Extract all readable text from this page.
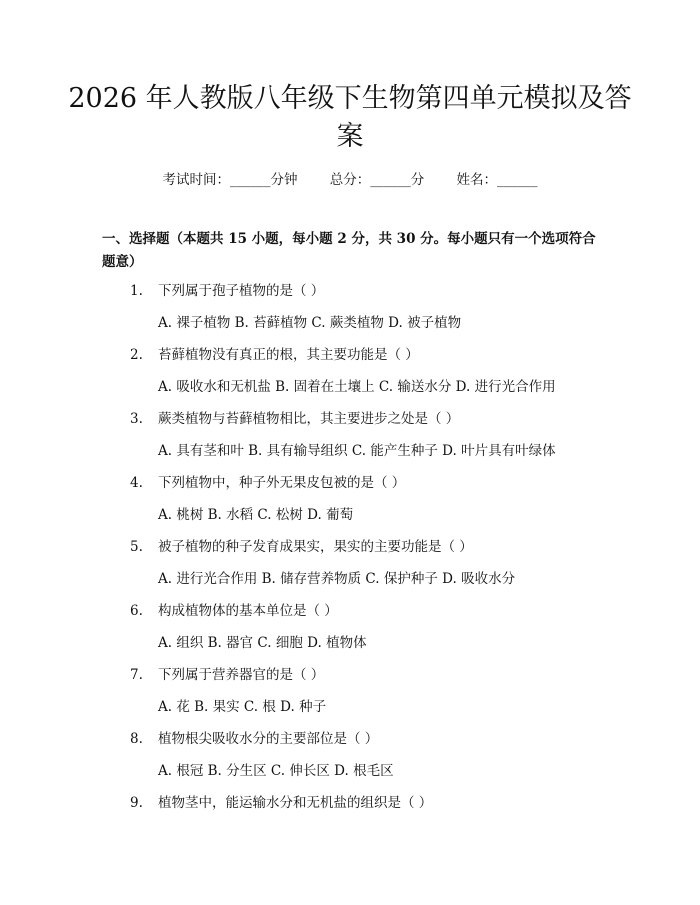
2026 年人教版八年级下生物第四单元模拟及答案
考试时间：______分钟 总分：______分 姓名：______

一、选择题（本题共 15 小题，每小题 2 分，共 30 分。每小题只有一个选项符合题意）

1. 下列属于孢子植物的是（ ）
A. 裸子植物 B. 苔藓植物 C. 蕨类植物 D. 被子植物
2. 苔藓植物没有真正的根，其主要功能是（ ）
A. 吸收水和无机盐 B. 固着在土壤上 C. 输送水分 D. 进行光合作用
3. 蕨类植物与苔藓植物相比，其主要进步之处是（ ）
A. 具有茎和叶 B. 具有输导组织 C. 能产生种子 D. 叶片具有叶绿体
4. 下列植物中，种子外无果皮包被的是（ ）
A. 桃树 B. 水稻 C. 松树 D. 葡萄
5. 被子植物的种子发育成果实，果实的主要功能是（ ）
A. 进行光合作用 B. 储存营养物质 C. 保护种子 D. 吸收水分
6. 构成植物体的基本单位是（ ）
A. 组织 B. 器官 C. 细胞 D. 植物体
7. 下列属于营养器官的是（ ）
A. 花 B. 果实 C. 根 D. 种子
8. 植物根尖吸收水分的主要部位是（ ）
A. 根冠 B. 分生区 C. 伸长区 D. 根毛区
9. 植物茎中，能运输水分和无机盐的组织是（ ）
